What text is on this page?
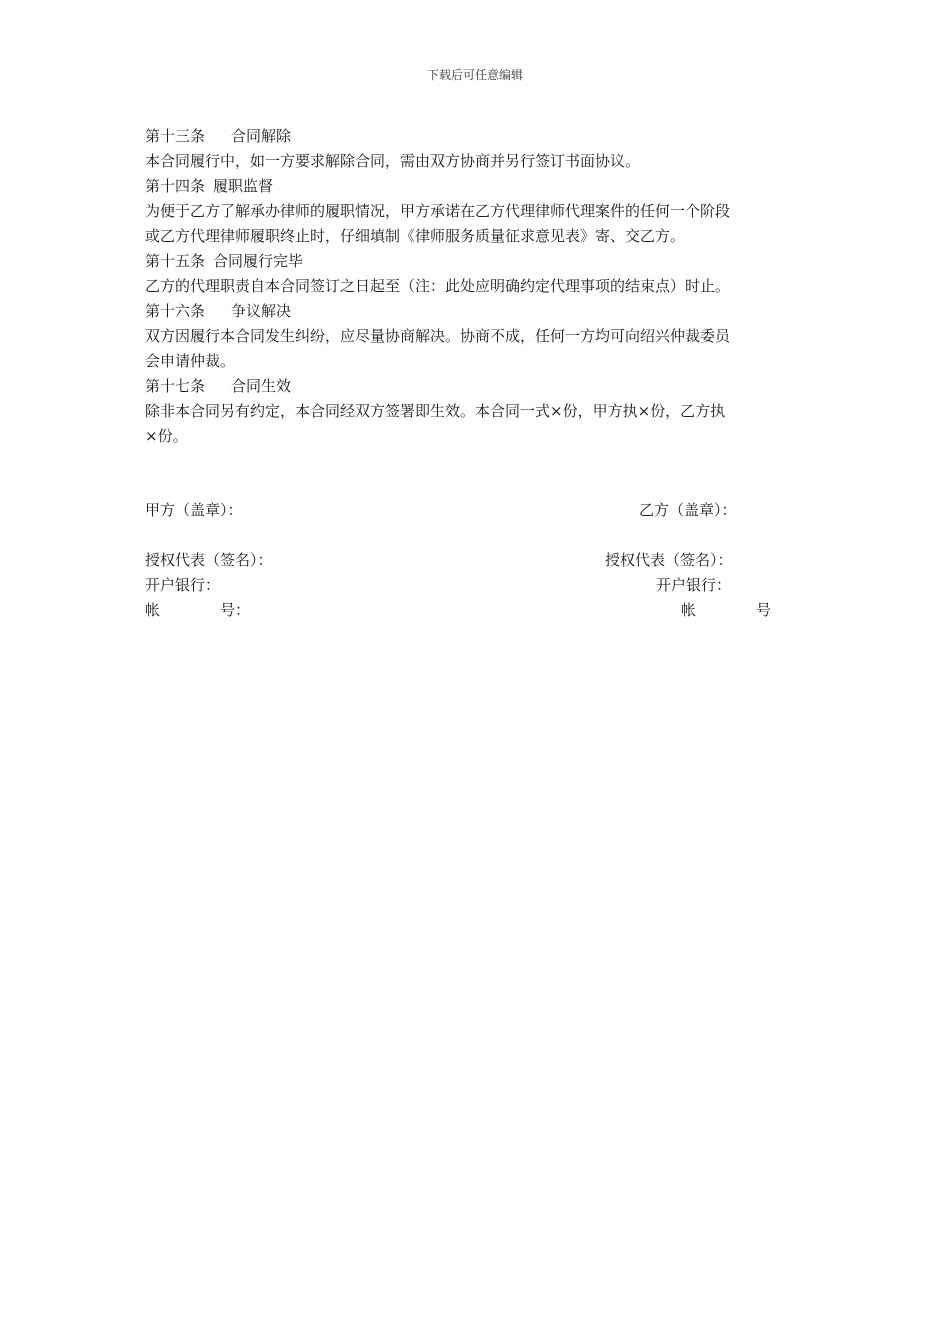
下载后可任意编辑

第十三条 合同解除

本合同履行中，如一方要求解除合同，需由双方协商并另行签订书面协议。

第十四条 履职监督

为便于乙方了解承办律师的履职情况，甲方承诺在乙方代理律师代理案件的任何一个阶段

或乙方代理律师履职终止时，仔细填制《律师服务质量征求意见表》寄、交乙方。

第十五条 合同履行完毕

乙方的代理职责自本合同签订之日起至（注：此处应明确约定代理事项的结束点）时止。

第十六条 争议解决

双方因履行本合同发生纠纷，应尽量协商解决。协商不成，任何一方均可向绍兴仲裁委员

会申请仲裁。

第十七条 合同生效

除非本合同另有约定，本合同经双方签署即生效。本合同一式×份，甲方执×份，乙方执

×份。

甲方（盖章）：	乙方（盖章）：
授权代表（签名）：	授权代表（签名）：
开户银行：	开户银行：
帐	号：	帐	号
